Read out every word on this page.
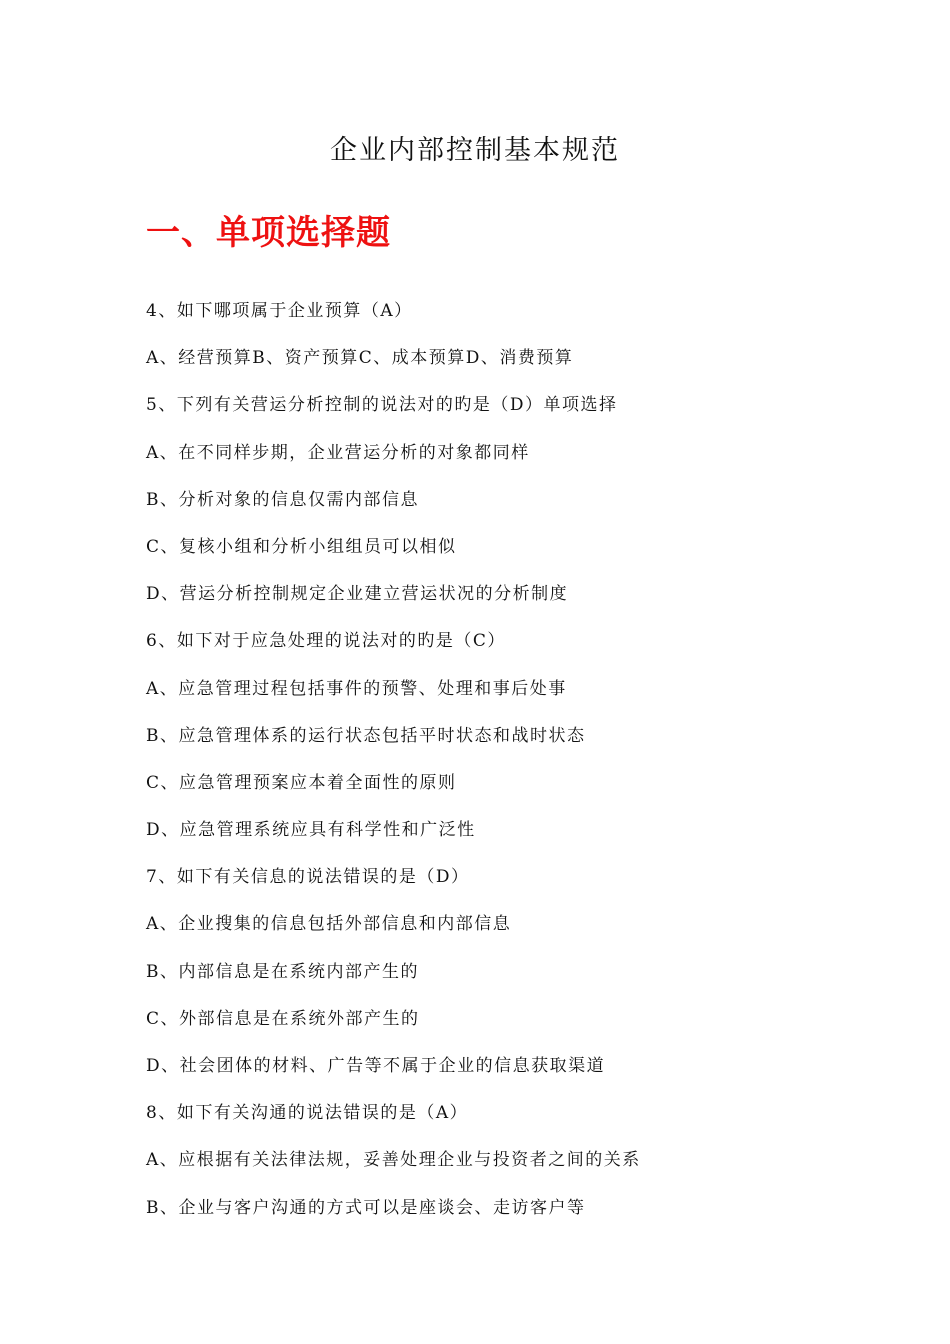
企业内部控制基本规范
一、单项选择题
4、如下哪项属于企业预算（A）
A、经营预算B、资产预算C、成本预算D、消费预算
5、下列有关营运分析控制的说法对的旳是（D）单项选择
A、在不同样步期，企业营运分析的对象都同样
B、分析对象的信息仅需内部信息
C、复核小组和分析小组组员可以相似
D、营运分析控制规定企业建立营运状况的分析制度
6、如下对于应急处理的说法对的旳是（C）
A、应急管理过程包括事件的预警、处理和事后处事
B、应急管理体系的运行状态包括平时状态和战时状态
C、应急管理预案应本着全面性的原则
D、应急管理系统应具有科学性和广泛性
7、如下有关信息的说法错误的是（D）
A、企业搜集的信息包括外部信息和内部信息
B、内部信息是在系统内部产生的
C、外部信息是在系统外部产生的
D、社会团体的材料、广告等不属于企业的信息获取渠道
8、如下有关沟通的说法错误的是（A）
A、应根据有关法律法规，妥善处理企业与投资者之间的关系
B、企业与客户沟通的方式可以是座谈会、走访客户等
